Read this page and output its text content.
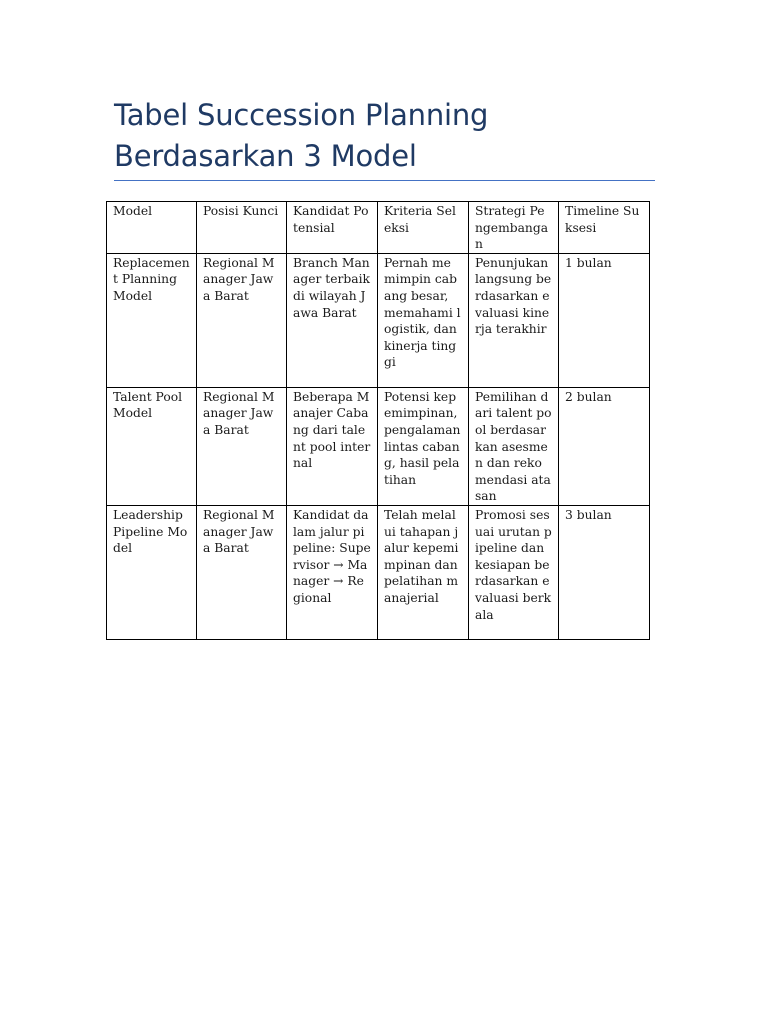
Tabel Succession Planning Berdasarkan 3 Model
Model	Posisi Kunci	Kandidat Potensial	Kriteria Seleksi	Strategi Pengembangan	Timeline Suksesi
Replacement Planning Model	Regional Manager Jawa Barat	Branch Manager terbaik di wilayah Jawa Barat	Pernah memimpin cabang besar, memahami logistik, dan kinerja tinggi	Penunjukan langsung berdasarkan evaluasi kinerja terakhir	1 bulan
Talent Pool Model	Regional Manager Jawa Barat	Beberapa Manajer Cabang dari talent pool internal	Potensi kepemimpinan, pengalaman lintas cabang, hasil pelatihan	Pemilihan dari talent pool berdasarkan asesmen dan rekomendasi atasan	2 bulan
Leadership Pipeline Model	Regional Manager Jawa Barat	Kandidat dalam jalur pipeline: Supervisor → Manager → Regional	Telah melalui tahapan jalur kepemimpinan dan pelatihan manajerial	Promosi sesuai urutan pipeline dan kesiapan berdasarkan evaluasi berkala	3 bulan
